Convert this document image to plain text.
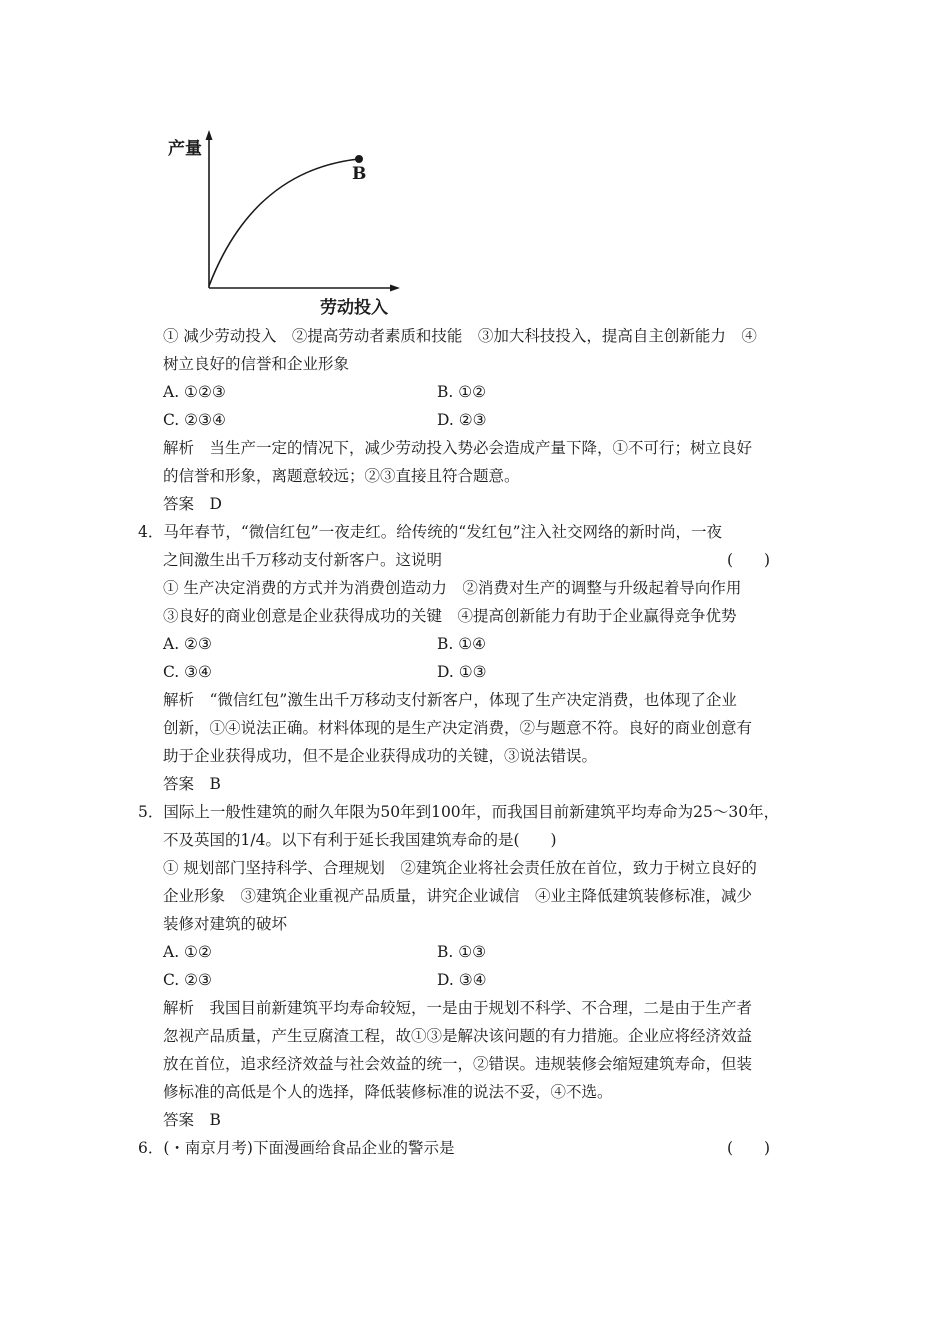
产量
B
劳动投入
① 减少劳动投入　②提高劳动者素质和技能　③加大科技投入，提高自主创新能力　④
树立良好的信誉和企业形象
A. ①②③	B. ①②
C. ②③④	D. ②③
解析　当生产一定的情况下，减少劳动投入势必会造成产量下降，①不可行；树立良好
的信誉和形象，离题意较远；②③直接且符合题意。
答案　D
4．马年春节，“微信红包”一夜走红。给传统的“发红包”注入社交网络的新时尚，一夜
之间激生出千万移动支付新客户。这说明	(　　)
① 生产决定消费的方式并为消费创造动力　②消费对生产的调整与升级起着导向作用
③良好的商业创意是企业获得成功的关键　④提高创新能力有助于企业赢得竞争优势
A. ②③	B. ①④
C. ③④	D. ①③
解析　“微信红包”激生出千万移动支付新客户，体现了生产决定消费，也体现了企业
创新，①④说法正确。材料体现的是生产决定消费，②与题意不符。良好的商业创意有
助于企业获得成功，但不是企业获得成功的关键，③说法错误。
答案　B
5．国际上一般性建筑的耐久年限为50年到100年，而我国目前新建筑平均寿命为25～30年，
不及英国的1/4。以下有利于延长我国建筑寿命的是(　　)
① 规划部门坚持科学、合理规划　②建筑企业将社会责任放在首位，致力于树立良好的
企业形象　③建筑企业重视产品质量，讲究企业诚信　④业主降低建筑装修标准，减少
装修对建筑的破坏
A. ①②	B. ①③
C. ②③	D. ③④
解析　我国目前新建筑平均寿命较短，一是由于规划不科学、不合理，二是由于生产者
忽视产品质量，产生豆腐渣工程，故①③是解决该问题的有力措施。企业应将经济效益
放在首位，追求经济效益与社会效益的统一，②错误。违规装修会缩短建筑寿命，但装
修标准的高低是个人的选择，降低装修标准的说法不妥，④不选。
答案　B
6．(・南京月考)下面漫画给食品企业的警示是	(　　)
